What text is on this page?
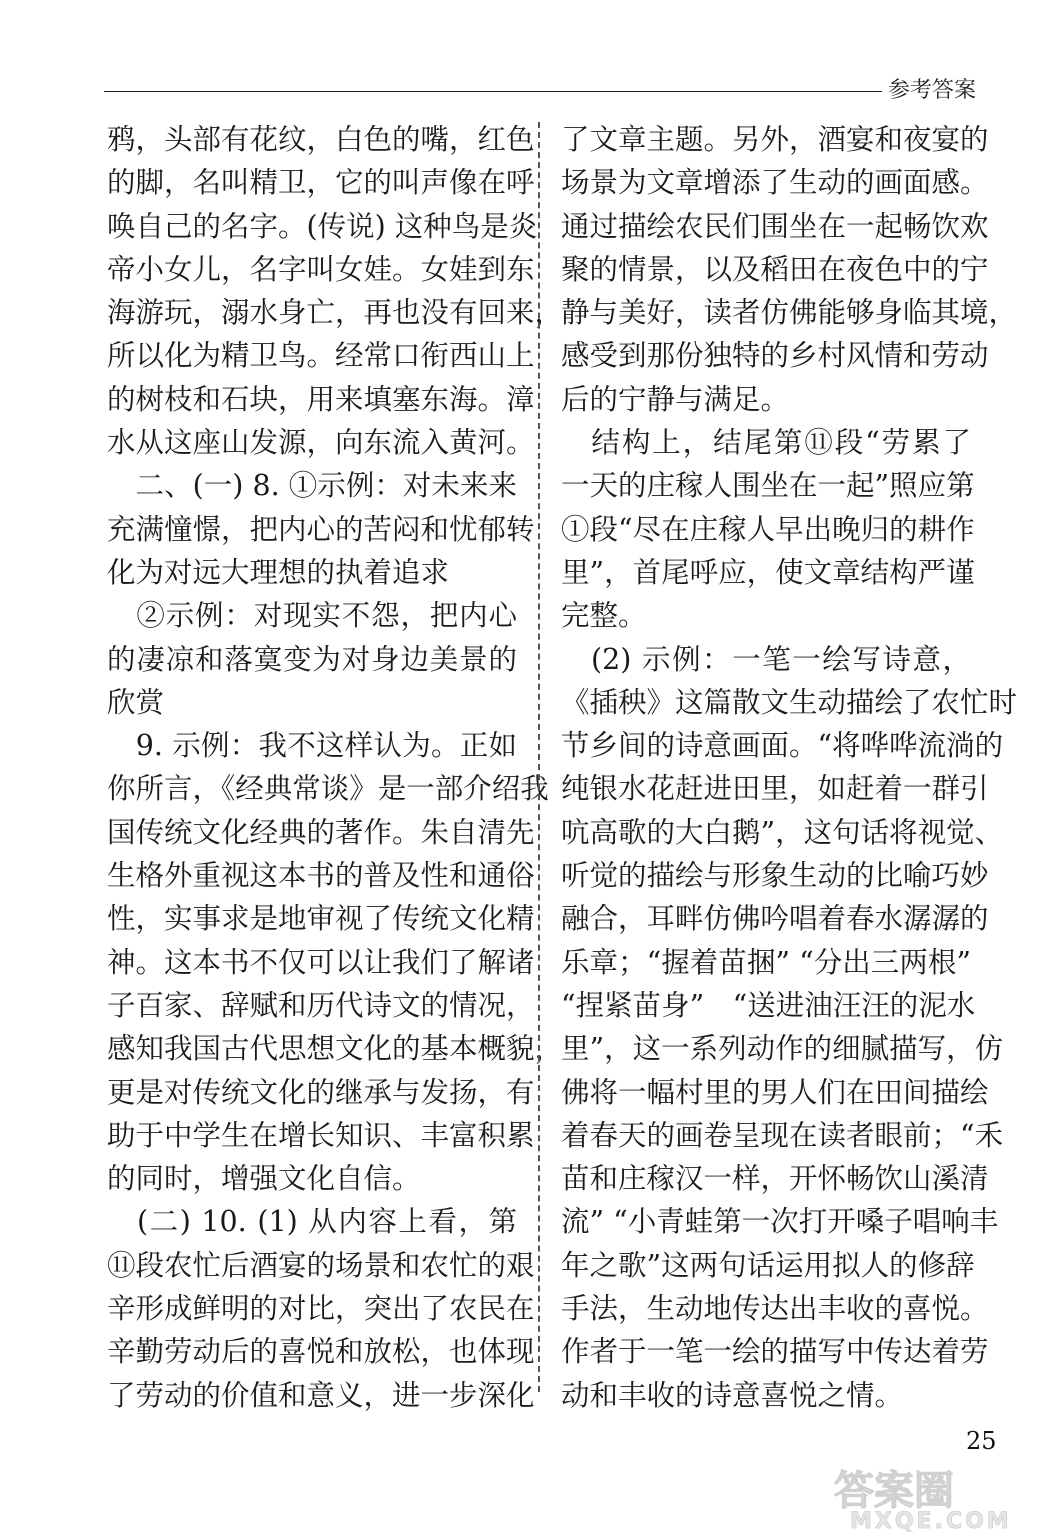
参考答案
鸦，头部有花纹，白色的嘴，红色
的脚，名叫精卫，它的叫声像在呼
唤自己的名字。(传说) 这种鸟是炎
帝小女儿，名字叫女娃。女娃到东
海游玩，溺水身亡，再也没有回来，
所以化为精卫鸟。经常口衔西山上
的树枝和石块，用来填塞东海。漳
水从这座山发源，向东流入黄河。
　二、(一) 8. ①示例：对未来来
充满憧憬，把内心的苦闷和忧郁转
化为对远大理想的执着追求
　②示例：对现实不怨，把内心
的凄凉和落寞变为对身边美景的
欣赏
　9. 示例：我不这样认为。正如
你所言，《经典常谈》是一部介绍我
国传统文化经典的著作。朱自清先
生格外重视这本书的普及性和通俗
性，实事求是地审视了传统文化精
神。这本书不仅可以让我们了解诸
子百家、辞赋和历代诗文的情况，
感知我国古代思想文化的基本概貌，
更是对传统文化的继承与发扬，有
助于中学生在增长知识、丰富积累
的同时，增强文化自信。
　(二) 10. (1) 从内容上看，第
⑪段农忙后酒宴的场景和农忙的艰
辛形成鲜明的对比，突出了农民在
辛勤劳动后的喜悦和放松，也体现
了劳动的价值和意义，进一步深化
了文章主题。另外，酒宴和夜宴的
场景为文章增添了生动的画面感。
通过描绘农民们围坐在一起畅饮欢
聚的情景，以及稻田在夜色中的宁
静与美好，读者仿佛能够身临其境，
感受到那份独特的乡村风情和劳动
后的宁静与满足。
　结构上，结尾第⑪段“劳累了
一天的庄稼人围坐在一起”照应第
①段“尽在庄稼人早出晚归的耕作
里”，首尾呼应，使文章结构严谨
完整。
　(2) 示例：一笔一绘写诗意，
《插秧》这篇散文生动描绘了农忙时
节乡间的诗意画面。“将哗哗流淌的
纯银水花赶进田里，如赶着一群引
吭高歌的大白鹅”，这句话将视觉、
听觉的描绘与形象生动的比喻巧妙
融合，耳畔仿佛吟唱着春水潺潺的
乐章；“握着苗捆” “分出三两根”
“捏紧苗身”　“送进油汪汪的泥水
里”，这一系列动作的细腻描写，仿
佛将一幅村里的男人们在田间描绘
着春天的画卷呈现在读者眼前；“禾
苗和庄稼汉一样，开怀畅饮山溪清
流” “小青蛙第一次打开嗓子唱响丰
年之歌”这两句话运用拟人的修辞
手法，生动地传达出丰收的喜悦。
作者于一笔一绘的描写中传达着劳
动和丰收的诗意喜悦之情。
25
答案圈
MXQE.COM
